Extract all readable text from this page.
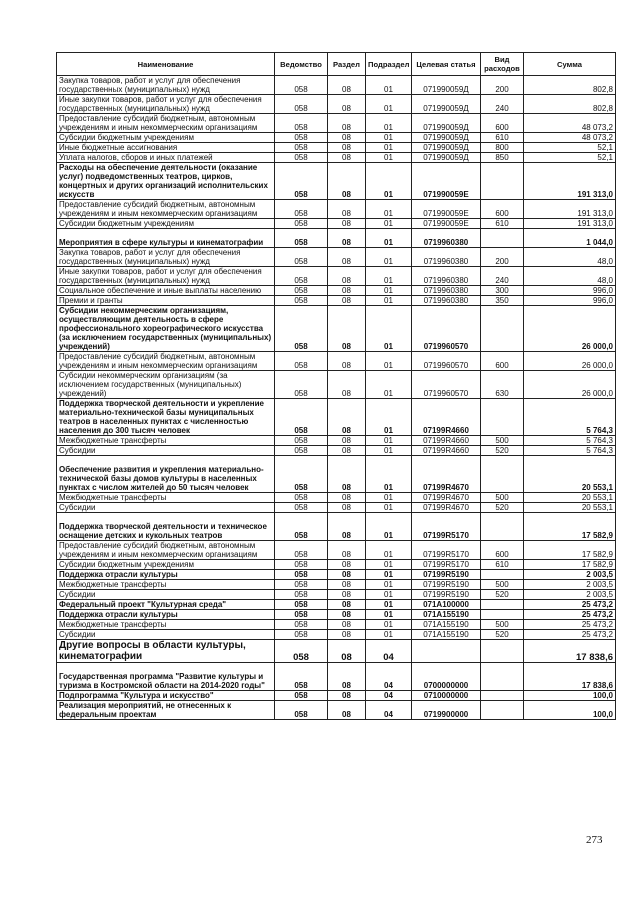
Наименование	Ведомство	Раздел	Подраздел	Целевая статья	Вид расходов	Сумма
Закупка товаров, работ и услуг для обеспечения государственных (муниципальных) нужд	058	08	01	071990059Д	200	802,8
Иные закупки товаров, работ и услуг для обеспечения государственных (муниципальных) нужд	058	08	01	071990059Д	240	802,8
Предоставление субсидий бюджетным, автономным учреждениям и иным некоммерческим организациям	058	08	01	071990059Д	600	48 073,2
Субсидии бюджетным учреждениям	058	08	01	071990059Д	610	48 073,2
Иные бюджетные ассигнования	058	08	01	071990059Д	800	52,1
Уплата налогов, сборов и иных платежей	058	08	01	071990059Д	850	52,1
Расходы на обеспечение деятельности (оказание услуг) подведомственных театров, цирков, концертных и других организаций исполнительских искусств	058	08	01	071990059Е		191 313,0
Предоставление субсидий бюджетным, автономным учреждениям и иным некоммерческим организациям	058	08	01	071990059Е	600	191 313,0
Субсидии бюджетным учреждениям	058	08	01	071990059Е	610	191 313,0
Мероприятия в сфере культуры и кинематографии	058	08	01	0719960380		1 044,0
Закупка товаров, работ и услуг для обеспечения государственных (муниципальных) нужд	058	08	01	0719960380	200	48,0
Иные закупки товаров, работ и услуг для обеспечения государственных (муниципальных) нужд	058	08	01	0719960380	240	48,0
Социальное обеспечение и иные выплаты населению	058	08	01	0719960380	300	996,0
Премии и гранты	058	08	01	0719960380	350	996,0
Субсидии некоммерческим организациям, осуществляющим деятельность в сфере профессионального хореографического искусства (за исключением государственных (муниципальных) учреждений)	058	08	01	0719960570		26 000,0
Предоставление субсидий бюджетным, автономным учреждениям и иным некоммерческим организациям	058	08	01	0719960570	600	26 000,0
Субсидии некоммерческим организациям (за исключением государственных (муниципальных) учреждений)	058	08	01	0719960570	630	26 000,0
Поддержка творческой деятельности и укрепление материально-технической базы муниципальных театров в населенных пунктах с численностью населения до 300 тысяч человек	058	08	01	07199R4660		5 764,3
Межбюджетные трансферты	058	08	01	07199R4660	500	5 764,3
Субсидии	058	08	01	07199R4660	520	5 764,3
Обеспечение развития и укрепления материально-технической базы домов культуры в населенных пунктах с числом жителей до 50 тысяч человек	058	08	01	07199R4670		20 553,1
Межбюджетные трансферты	058	08	01	07199R4670	500	20 553,1
Субсидии	058	08	01	07199R4670	520	20 553,1
Поддержка творческой деятельности и техническое оснащение детских и кукольных театров	058	08	01	07199R5170		17 582,9
Предоставление субсидий бюджетным, автономным учреждениям и иным некоммерческим организациям	058	08	01	07199R5170	600	17 582,9
Субсидии бюджетным учреждениям	058	08	01	07199R5170	610	17 582,9
Поддержка отрасли культуры	058	08	01	07199R5190		2 003,5
Межбюджетные трансферты	058	08	01	07199R5190	500	2 003,5
Субсидии	058	08	01	07199R5190	520	2 003,5
Федеральный проект "Культурная среда"	058	08	01	071A100000		25 473,2
Поддержка отрасли культуры	058	08	01	071A155190		25 473,2
Межбюджетные трансферты	058	08	01	071A155190	500	25 473,2
Субсидии	058	08	01	071A155190	520	25 473,2
Другие вопросы в области культуры, кинематографии	058	08	04			17 838,6
Государственная программа "Развитие культуры и туризма в Костромской области на 2014-2020 годы"	058	08	04	0700000000		17 838,6
Подпрограмма "Культура и искусство"	058	08	04	0710000000		100,0
Реализация мероприятий, не отнесенных к федеральным проектам	058	08	04	0719900000		100,0
273
